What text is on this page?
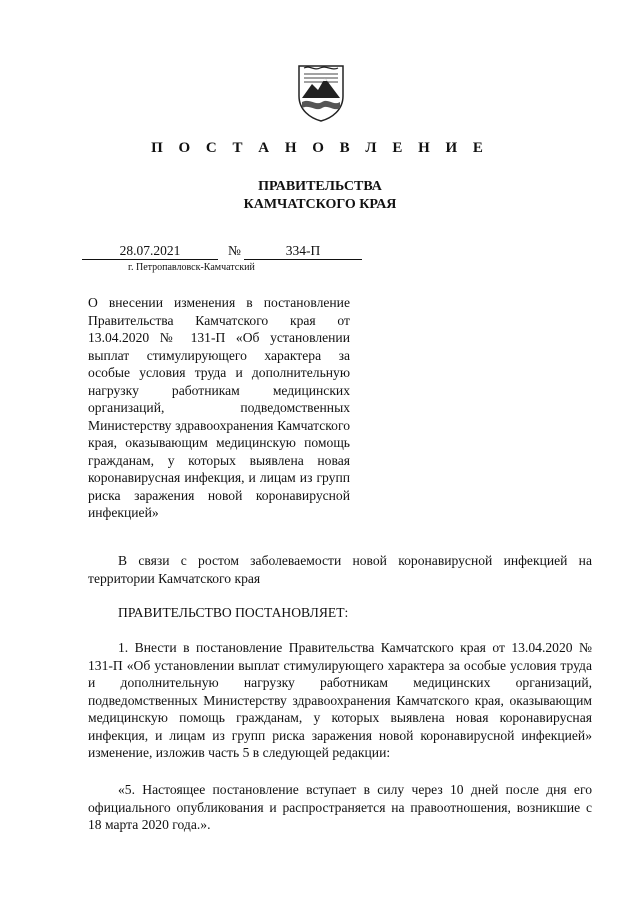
П О С Т А Н О В Л Е Н И Е
ПРАВИТЕЛЬСТВА
КАМЧАТСКОГО КРАЯ
28.07.2021	№	334-П
г. Петропавловск-Камчатский
О внесении изменения в постановление Правительства Камчатского края от 13.04.2020 № 131-П «Об установлении выплат стимулирующего характера за особые условия труда и дополнительную нагрузку работникам медицинских организаций, подведомственных Министерству здравоохранения Камчатского края, оказывающим медицинскую помощь гражданам, у которых выявлена новая коронавирусная инфекция, и лицам из групп риска заражения новой коронавирусной инфекцией»
В связи с ростом заболеваемости новой коронавирусной инфекцией на территории Камчатского края
ПРАВИТЕЛЬСТВО ПОСТАНОВЛЯЕТ:
1. Внести в постановление Правительства Камчатского края от 13.04.2020 № 131-П «Об установлении выплат стимулирующего характера за особые условия труда и дополнительную нагрузку работникам медицинских организаций, подведомственных Министерству здравоохранения Камчатского края, оказывающим медицинскую помощь гражданам, у которых выявлена новая коронавирусная инфекция, и лицам из групп риска заражения новой коронавирусной инфекцией» изменение, изложив часть 5 в следующей редакции:
«5. Настоящее постановление вступает в силу через 10 дней после дня его официального опубликования и распространяется на правоотношения, возникшие с 18 марта 2020 года.».
